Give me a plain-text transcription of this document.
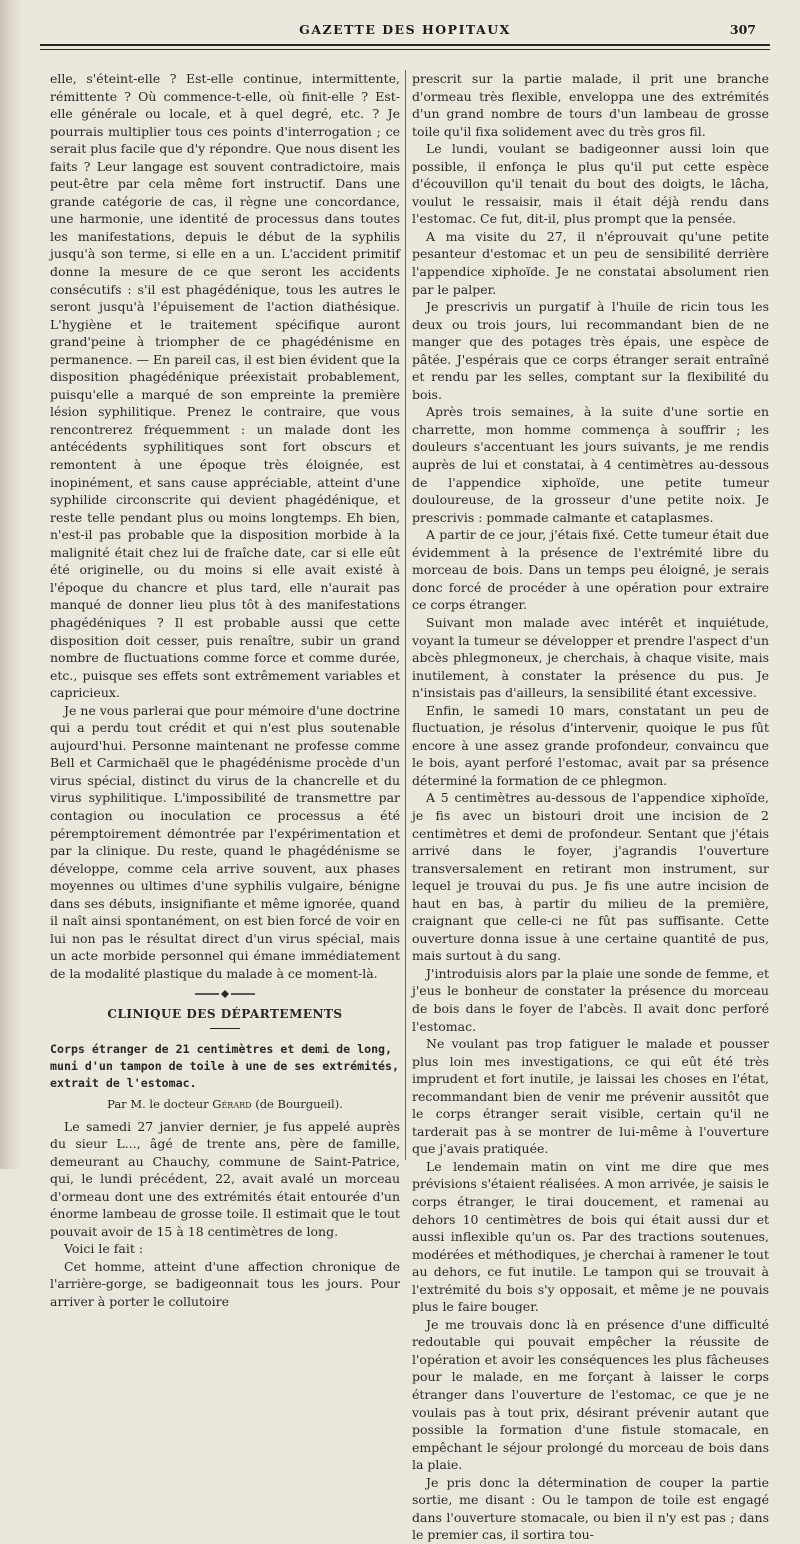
GAZETTE DES HOPITAUX	307

elle, s'éteint-elle ? Est-elle continue, intermittente, rémittente ? Où commence-t-elle, où finit-elle ? Est-elle générale ou locale, et à quel degré, etc. ? Je pourrais multiplier tous ces points d'interrogation ; ce serait plus facile que d'y répondre. Que nous disent les faits ? Leur langage est souvent contradictoire, mais peut-être par cela même fort instructif. Dans une grande catégorie de cas, il règne une concordance, une harmonie, une identité de processus dans toutes les manifestations, depuis le début de la syphilis jusqu'à son terme, si elle en a un. L'accident primitif donne la mesure de ce que seront les accidents consécutifs : s'il est phagédénique, tous les autres le seront jusqu'à l'épuisement de l'action diathésique. L'hygiène et le traitement spécifique auront grand'peine à triompher de ce phagédénisme en permanence. — En pareil cas, il est bien évident que la disposition phagédénique préexistait probablement, puisqu'elle a marqué de son empreinte la première lésion syphilitique. Prenez le contraire, que vous rencontrerez fréquemment : un malade dont les antécédents syphilitiques sont fort obscurs et remontent à une époque très éloignée, est inopinément, et sans cause appréciable, atteint d'une syphilide circonscrite qui devient phagédénique, et reste telle pendant plus ou moins longtemps. Eh bien, n'est-il pas probable que la disposition morbide à la malignité était chez lui de fraîche date, car si elle eût été originelle, ou du moins si elle avait existé à l'époque du chancre et plus tard, elle n'aurait pas manqué de donner lieu plus tôt à des manifestations phagédéniques ? Il est probable aussi que cette disposition doit cesser, puis renaître, subir un grand nombre de fluctuations comme force et comme durée, etc., puisque ses effets sont extrêmement variables et capricieux.

Je ne vous parlerai que pour mémoire d'une doctrine qui a perdu tout crédit et qui n'est plus soutenable aujourd'hui. Personne maintenant ne professe comme Bell et Carmichaël que le phagédénisme procède d'un virus spécial, distinct du virus de la chancrelle et du virus syphilitique. L'impossibilité de transmettre par contagion ou inoculation ce processus a été péremptoirement démontrée par l'expérimentation et par la clinique. Du reste, quand le phagédénisme se développe, comme cela arrive souvent, aux phases moyennes ou ultimes d'une syphilis vulgaire, bénigne dans ses débuts, insignifiante et même ignorée, quand il naît ainsi spontanément, on est bien forcé de voir en lui non pas le résultat direct d'un virus spécial, mais un acte morbide personnel qui émane immédiatement de la modalité plastique du malade à ce moment-là.

CLINIQUE DES DÉPARTEMENTS

Corps étranger de 21 centimètres et demi de long, muni d'un tampon de toile à une de ses extrémités, extrait de l'estomac.

Par M. le docteur Gérard (de Bourgueil).

Le samedi 27 janvier dernier, je fus appelé auprès du sieur L..., âgé de trente ans, père de famille, demeurant au Chauchy, commune de Saint-Patrice, qui, le lundi précédent, 22, avait avalé un morceau d'ormeau dont une des extrémités était entourée d'un énorme lambeau de grosse toile. Il estimait que le tout pouvait avoir de 15 à 18 centimètres de long.

Voici le fait :

Cet homme, atteint d'une affection chronique de l'arrière-gorge, se badigeonnait tous les jours. Pour arriver à porter le collutoire

prescrit sur la partie malade, il prit une branche d'ormeau très flexible, enveloppa une des extrémités d'un grand nombre de tours d'un lambeau de grosse toile qu'il fixa solidement avec du très gros fil.

Le lundi, voulant se badigeonner aussi loin que possible, il enfonça le plus qu'il put cette espèce d'écouvillon qu'il tenait du bout des doigts, le lâcha, voulut le ressaisir, mais il était déjà rendu dans l'estomac. Ce fut, dit-il, plus prompt que la pensée.

A ma visite du 27, il n'éprouvait qu'une petite pesanteur d'estomac et un peu de sensibilité derrière l'appendice xiphoïde. Je ne constatai absolument rien par le palper.

Je prescrivis un purgatif à l'huile de ricin tous les deux ou trois jours, lui recommandant bien de ne manger que des potages très épais, une espèce de pâtée. J'espérais que ce corps étranger serait entraîné et rendu par les selles, comptant sur la flexibilité du bois.

Après trois semaines, à la suite d'une sortie en charrette, mon homme commença à souffrir ; les douleurs s'accentuant les jours suivants, je me rendis auprès de lui et constatai, à 4 centimètres au-dessous de l'appendice xiphoïde, une petite tumeur douloureuse, de la grosseur d'une petite noix. Je prescrivis : pommade calmante et cataplasmes.

A partir de ce jour, j'étais fixé. Cette tumeur était due évidemment à la présence de l'extrémité libre du morceau de bois. Dans un temps peu éloigné, je serais donc forcé de procéder à une opération pour extraire ce corps étranger.

Suivant mon malade avec intérêt et inquiétude, voyant la tumeur se développer et prendre l'aspect d'un abcès phlegmoneux, je cherchais, à chaque visite, mais inutilement, à constater la présence du pus. Je n'insistais pas d'ailleurs, la sensibilité étant excessive.

Enfin, le samedi 10 mars, constatant un peu de fluctuation, je résolus d'intervenir, quoique le pus fût encore à une assez grande profondeur, convaincu que le bois, ayant perforé l'estomac, avait par sa présence déterminé la formation de ce phlegmon.

A 5 centimètres au-dessous de l'appendice xiphoïde, je fis avec un bistouri droit une incision de 2 centimètres et demi de profondeur. Sentant que j'étais arrivé dans le foyer, j'agrandis l'ouverture transversalement en retirant mon instrument, sur lequel je trouvai du pus. Je fis une autre incision de haut en bas, à partir du milieu de la première, craignant que celle-ci ne fût pas suffisante. Cette ouverture donna issue à une certaine quantité de pus, mais surtout à du sang.

J'introduisis alors par la plaie une sonde de femme, et j'eus le bonheur de constater la présence du morceau de bois dans le foyer de l'abcès. Il avait donc perforé l'estomac.

Ne voulant pas trop fatiguer le malade et pousser plus loin mes investigations, ce qui eût été très imprudent et fort inutile, je laissai les choses en l'état, recommandant bien de venir me prévenir aussitôt que le corps étranger serait visible, certain qu'il ne tarderait pas à se montrer de lui-même à l'ouverture que j'avais pratiquée.

Le lendemain matin on vint me dire que mes prévisions s'étaient réalisées. A mon arrivée, je saisis le corps étranger, le tirai doucement, et ramenai au dehors 10 centimètres de bois qui était aussi dur et aussi inflexible qu'un os. Par des tractions soutenues, modérées et méthodiques, je cherchai à ramener le tout au dehors, ce fut inutile. Le tampon qui se trouvait à l'extrémité du bois s'y opposait, et même je ne pouvais plus le faire bouger.

Je me trouvais donc là en présence d'une difficulté redoutable qui pouvait empêcher la réussite de l'opération et avoir les conséquences les plus fâcheuses pour le malade, en me forçant à laisser le corps étranger dans l'ouverture de l'estomac, ce que je ne voulais pas à tout prix, désirant prévenir autant que possible la formation d'une fistule stomacale, en empêchant le séjour prolongé du morceau de bois dans la plaie.

Je pris donc la détermination de couper la partie sortie, me disant : Ou le tampon de toile est engagé dans l'ouverture stomacale, ou bien il n'y est pas ; dans le premier cas, il sortira tou-
